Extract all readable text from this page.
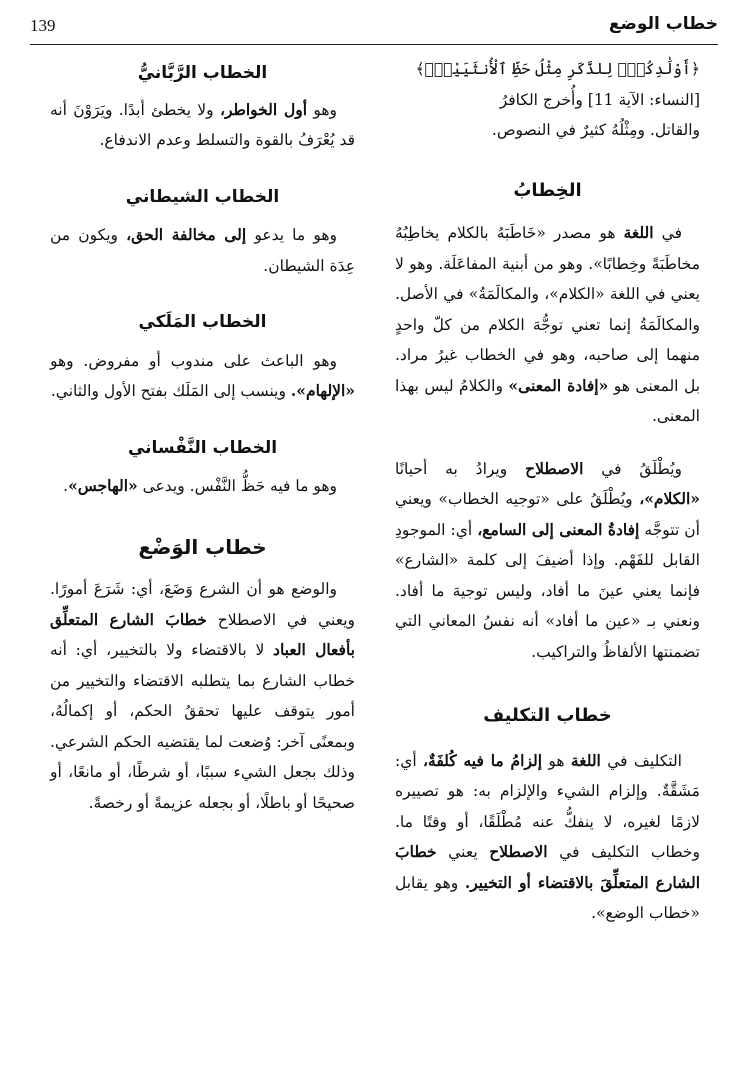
خطاب الوضع
139

﴿أَوْلَٰدِكُمْۖ لِلذَّكَرِ مِثْلُ حَظِّ ٱلْأُنثَيَيْنِۚ﴾

[النساء: الآية 11] وأُخرج الكافرُ

والقاتل. ومِثْلُهُ كثيرٌ في النصوص.

الخِطابُ

في اللغة هو مصدر «خَاطَبَهُ بالكلام يخاطِبُهُ مخاطَبَةً وخِطابًا». وهو من أبنية المفاعَلَة. وهو لا يعني في اللغة «الكلام»، والمكالَمَةُ» في الأصل. والمكالَمَةُ إنما تعني توجُّهَ الكلام من كلّ واحدٍ منهما إلى صاحبه، وهو في الخطاب غيرُ مراد. بل المعنى هو «إفادة المعنى» والكلامُ ليس بهذا المعنى.

ويُطْلَقُ في الاصطلاح ويرادُ به أحيانًا «الكلام»، ويُطْلَقُ على «توجيه الخطاب» ويعني أن تتوجَّه إفادةُ المعنى إلى السامع، أي: الموجودِ القابل للفَهْم. وإذا أضيفَ إلى كلمة «الشارع» فإنما يعني عينَ ما أفاد، وليس توجيهَ ما أفاد. ونعني بـ «عين ما أفاد» أنه نفسُ المعاني التي تضمنتها الألفاظُ والتراكيب.

خطاب التكليف

التكليف في اللغة هو إلزامُ ما فيه كُلفَةٌ، أي: مَشَقَّةٌ. وإلزام الشيء والإلزام به: هو تصييره لازمًا لغيره، لا ينفكُّ عنه مُطْلَقًا، أو وقتًا ما. وخطاب التكليف في الاصطلاح يعني خطابَ الشارع المتعلِّقَ بالاقتضاء أو التخيير. وهو يقابل «خطاب الوضع».

الخطاب الرَّبَّانيُّ

وهو أول الخواطر، ولا يخطئ أبدًا. ويَرَوْنَ أنه قد يُعْرَفُ بالقوة والتسلط وعدم الاندفاع.

الخطاب الشيطاني

وهو ما يدعو إلى مخالفة الحق، ويكون من عِدَة الشيطان.

الخطاب المَلَكي

وهو الباعث على مندوب أو مفروض. وهو «الإلهام». وينسب إلى المَلَك بفتح الأول والثاني.

الخطاب النَّفْساني

وهو ما فيه حَظُّ النَّفْس. ويدعى «الهاجس».

خطاب الوَضْع

والوضع هو أن الشرع وَضَعَ، أي: شَرَعَ أمورًا. ويعني في الاصطلاح خطابَ الشارع المتعلِّق بأفعال العباد لا بالاقتضاء ولا بالتخيير، أي: أنه خطاب الشارع بما يتطلبه الاقتضاء والتخيير من أمور يتوقف عليها تحققُ الحكم، أو إكمالُهُ، وبمعنًى آخر: وُضعت لما يقتضيه الحكم الشرعي. وذلك بجعل الشيء سببًا، أو شرطًا، أو مانعًا، أو صحيحًا أو باطلًا، أو بجعله عزيمةً أو رخصةً.
